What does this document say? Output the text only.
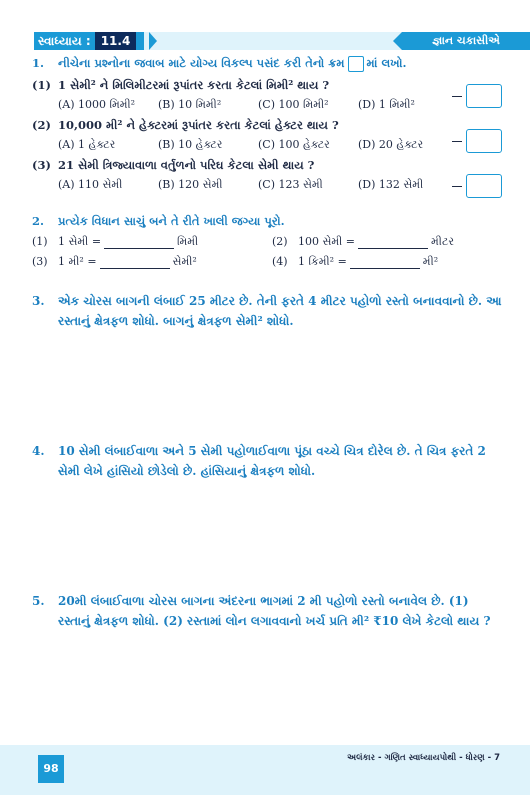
સ્વાધ્યાય : 11.4	જ્ઞાન ચકાસીએ
1.	નીચેના પ્રશ્નોના જવાબ માટે યોગ્ય વિકલ્પ પસંદ કરી તેનો ક્રમ માં લખો.
(1) 1 સેમી² ને મિલિમીટરમાં રૂપાંતર કરતા કેટલાં મિમી² થાય ?
(A) 1000 મિમી²	(B) 10 મિમી²	(C) 100 મિમી²	(D) 1 મિમી²
(2) 10,000 મી² ને હેક્ટરમાં રૂપાંતર કરતા કેટલાં હેક્ટર થાય ?
(A) 1 હેક્ટર	(B) 10 હેક્ટર	(C) 100 હેક્ટર	(D) 20 હેક્ટર
(3) 21 સેમી ત્રિજ્યાવાળા વર્તુળનો પરિઘ કેટલા સેમી થાય ?
(A) 110 સેમી	(B) 120 સેમી	(C) 123 સેમી	(D) 132 સેમી
2.	પ્રત્યેક વિધાન સાચું બને તે રીતે ખાલી જગ્યા પૂરો.
(1) 1 સેમી =	મિમી	(2) 100 સેમી =	મીટર
(3) 1 મી² =	સેમી²	(4) 1 કિમી² =	મી²
3.	એક ચોરસ બાગની લંબાઈ 25 મીટર છે. તેની ફરતે 4 મીટર પહોળો રસ્તો બનાવવાનો છે. આ રસ્તાનું ક્ષેત્રફળ શોધો. બાગનું ક્ષેત્રફળ સેમી² શોધો.
4.	10 સેમી લંબાઈવાળા અને 5 સેમી પહોળાઈવાળા પૂંઠા વચ્ચે ચિત્ર દોરેલ છે. તે ચિત્ર ફરતે 2 સેમી લેખે હાંસિયો છોડેલો છે. હાંસિયાનું ક્ષેત્રફળ શોધો.
5.	20મી લંબાઈવાળા ચોરસ બાગના અંદરના ભાગમાં 2 મી પહોળો રસ્તો બનાવેલ છે. (1) રસ્તાનું ક્ષેત્રફળ શોધો. (2) રસ્તામાં લોન લગાવવાનો ખર્ચ પ્રતિ મી² ₹10 લેખે કેટલો થાય ?
અલંકાર - ગણિત સ્વાધ્યાયપોથી - ધોરણ - 7
98
